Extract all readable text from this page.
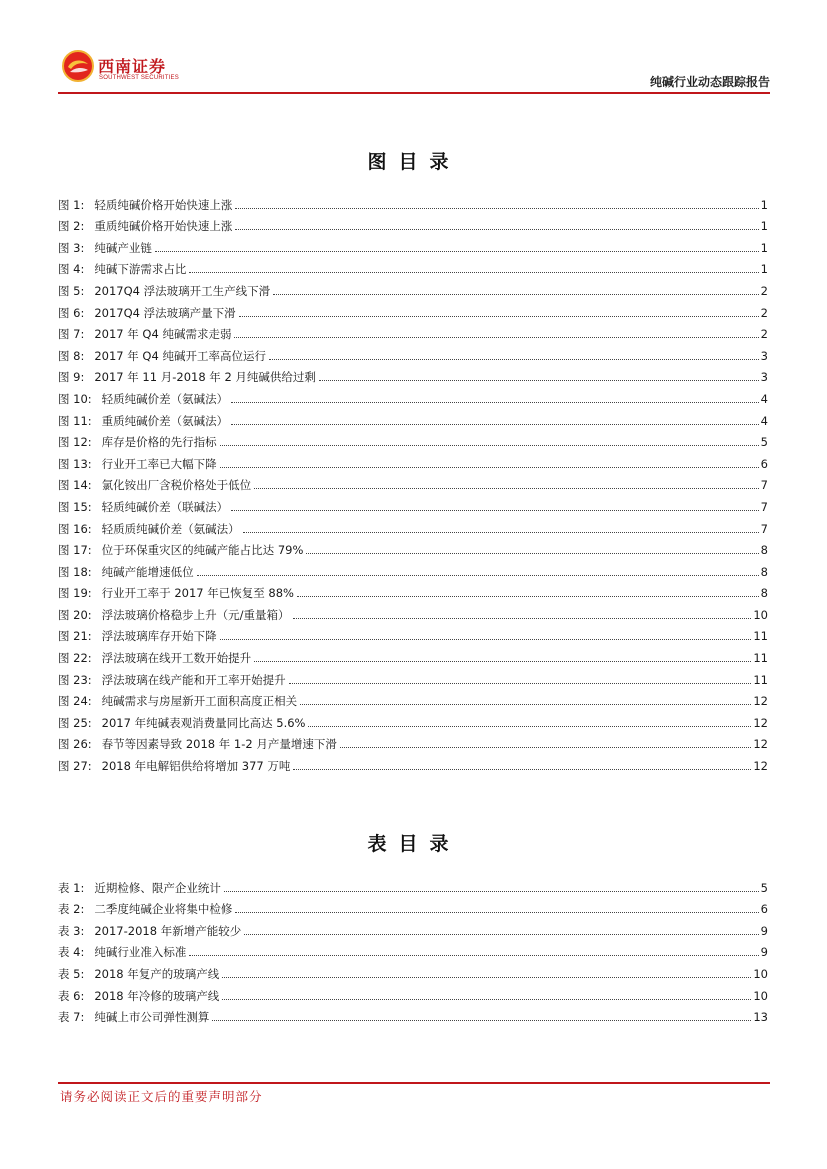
西南证券
SOUTHWEST SECURITIES	纯碱行业动态跟踪报告
图目录
图 1: 轻质纯碱价格开始快速上涨	1
图 2: 重质纯碱价格开始快速上涨	1
图 3: 纯碱产业链	1
图 4: 纯碱下游需求占比	1
图 5: 2017Q4 浮法玻璃开工生产线下滑	2
图 6: 2017Q4 浮法玻璃产量下滑	2
图 7: 2017 年 Q4 纯碱需求走弱	2
图 8: 2017 年 Q4 纯碱开工率高位运行	3
图 9: 2017 年 11 月-2018 年 2 月纯碱供给过剩	3
图 10: 轻质纯碱价差（氨碱法）	4
图 11: 重质纯碱价差（氨碱法）	4
图 12: 库存是价格的先行指标	5
图 13: 行业开工率已大幅下降	6
图 14: 氯化铵出厂含税价格处于低位	7
图 15: 轻质纯碱价差（联碱法）	7
图 16: 轻质质纯碱价差（氨碱法）	7
图 17: 位于环保重灾区的纯碱产能占比达 79%	8
图 18: 纯碱产能增速低位	8
图 19: 行业开工率于 2017 年已恢复至 88%	8
图 20: 浮法玻璃价格稳步上升（元/重量箱）	10
图 21: 浮法玻璃库存开始下降	11
图 22: 浮法玻璃在线开工数开始提升	11
图 23: 浮法玻璃在线产能和开工率开始提升	11
图 24: 纯碱需求与房屋新开工面积高度正相关	12
图 25: 2017 年纯碱表观消费量同比高达 5.6%	12
图 26: 春节等因素导致 2018 年 1-2 月产量增速下滑	12
图 27: 2018 年电解铝供给将增加 377 万吨	12
表目录
表 1: 近期检修、限产企业统计	5
表 2: 二季度纯碱企业将集中检修	6
表 3: 2017-2018 年新增产能较少	9
表 4: 纯碱行业准入标准	9
表 5: 2018 年复产的玻璃产线	10
表 6: 2018 年冷修的玻璃产线	10
表 7: 纯碱上市公司弹性测算	13
请务必阅读正文后的重要声明部分
